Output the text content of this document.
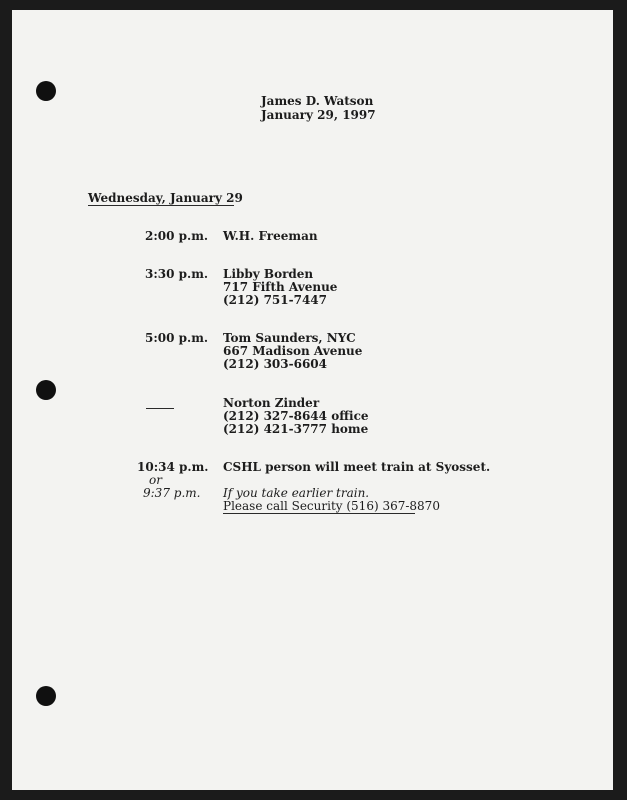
James D. Watson
January 29, 1997
Wednesday, January 29
2:00 p.m. W.H. Freeman
3:30 p.m. Libby Borden
717 Fifth Avenue
(212) 751-7447
5:00 p.m. Tom Saunders, NYC
667 Madison Avenue
(212) 303-6604
Norton Zinder
(212) 327-8644 office
(212) 421-3777 home
10:34 p.m. CSHL person will meet train at Syosset.
or
9:37 p.m. If you take earlier train.
Please call Security (516) 367-8870
